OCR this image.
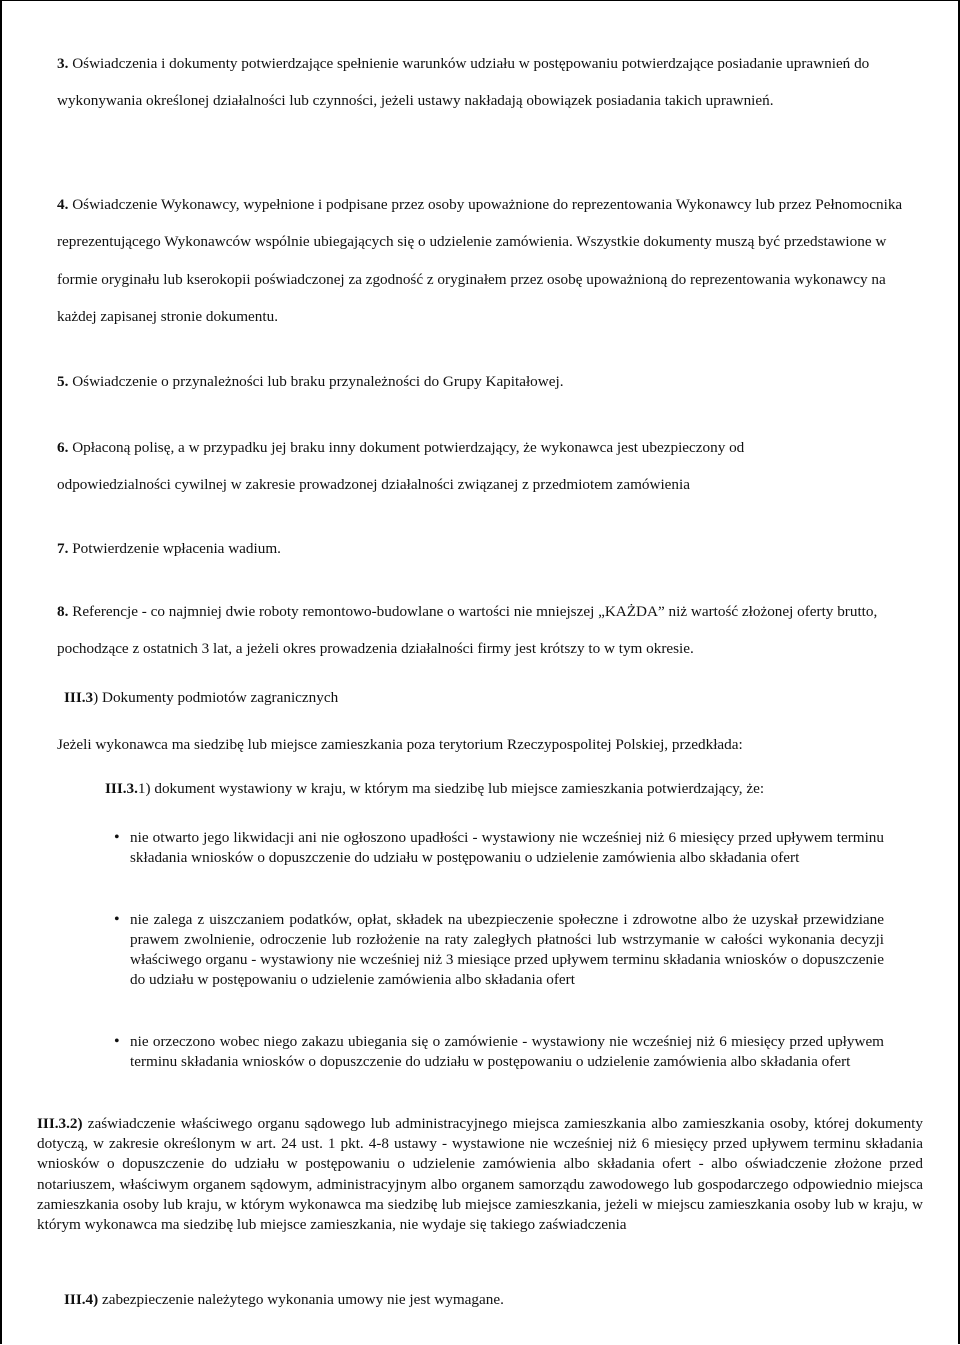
3. Oświadczenia i dokumenty potwierdzające spełnienie warunków udziału w postępowaniu potwierdzające posiadanie uprawnień do wykonywania określonej działalności lub czynności, jeżeli ustawy nakładają obowiązek posiadania takich uprawnień.

4. Oświadczenie Wykonawcy, wypełnione i podpisane przez osoby upoważnione do reprezentowania Wykonawcy lub przez Pełnomocnika reprezentującego Wykonawców wspólnie ubiegających się o udzielenie zamówienia. Wszystkie dokumenty muszą być przedstawione w formie oryginału lub kserokopii poświadczonej za zgodność z oryginałem przez osobę upoważnioną do reprezentowania wykonawcy na każdej zapisanej stronie dokumentu.

5. Oświadczenie o przynależności lub braku przynależności do Grupy Kapitałowej.

6. Opłaconą polisę, a w przypadku jej braku inny dokument potwierdzający, że wykonawca jest ubezpieczony od odpowiedzialności cywilnej w zakresie prowadzonej działalności związanej z przedmiotem zamówienia

7. Potwierdzenie wpłacenia wadium.

8. Referencje - co najmniej dwie roboty remontowo-budowlane o wartości nie mniejszej „KAŻDA” niż wartość złożonej oferty brutto, pochodzące z ostatnich 3 lat, a jeżeli okres prowadzenia działalności firmy jest krótszy to w tym okresie.

III.3) Dokumenty podmiotów zagranicznych

Jeżeli wykonawca ma siedzibę lub miejsce zamieszkania poza terytorium Rzeczypospolitej Polskiej, przedkłada:

III.3.1) dokument wystawiony w kraju, w którym ma siedzibę lub miejsce zamieszkania potwierdzający, że:

• nie otwarto jego likwidacji ani nie ogłoszono upadłości - wystawiony nie wcześniej niż 6 miesięcy przed upływem terminu składania wniosków o dopuszczenie do udziału w postępowaniu o udzielenie zamówienia albo składania ofert
• nie zalega z uiszczaniem podatków, opłat, składek na ubezpieczenie społeczne i zdrowotne albo że uzyskał przewidziane prawem zwolnienie, odroczenie lub rozłożenie na raty zaległych płatności lub wstrzymanie w całości wykonania decyzji właściwego organu - wystawiony nie wcześniej niż 3 miesiące przed upływem terminu składania wniosków o dopuszczenie do udziału w postępowaniu o udzielenie zamówienia albo składania ofert
• nie orzeczono wobec niego zakazu ubiegania się o zamówienie - wystawiony nie wcześniej niż 6 miesięcy przed upływem terminu składania wniosków o dopuszczenie do udziału w postępowaniu o udzielenie zamówienia albo składania ofert

III.3.2) zaświadczenie właściwego organu sądowego lub administracyjnego miejsca zamieszkania albo zamieszkania osoby, której dokumenty dotyczą, w zakresie określonym w art. 24 ust. 1 pkt. 4-8 ustawy - wystawione nie wcześniej niż 6 miesięcy przed upływem terminu składania wniosków o dopuszczenie do udziału w postępowaniu o udzielenie zamówienia albo składania ofert - albo oświadczenie złożone przed notariuszem, właściwym organem sądowym, administracyjnym albo organem samorządu zawodowego lub gospodarczego odpowiednio miejsca zamieszkania osoby lub kraju, w którym wykonawca ma siedzibę lub miejsce zamieszkania, jeżeli w miejscu zamieszkania osoby lub w kraju, w którym wykonawca ma siedzibę lub miejsce zamieszkania, nie wydaje się takiego zaświadczenia

III.4) zabezpieczenie należytego wykonania umowy nie jest wymagane.
